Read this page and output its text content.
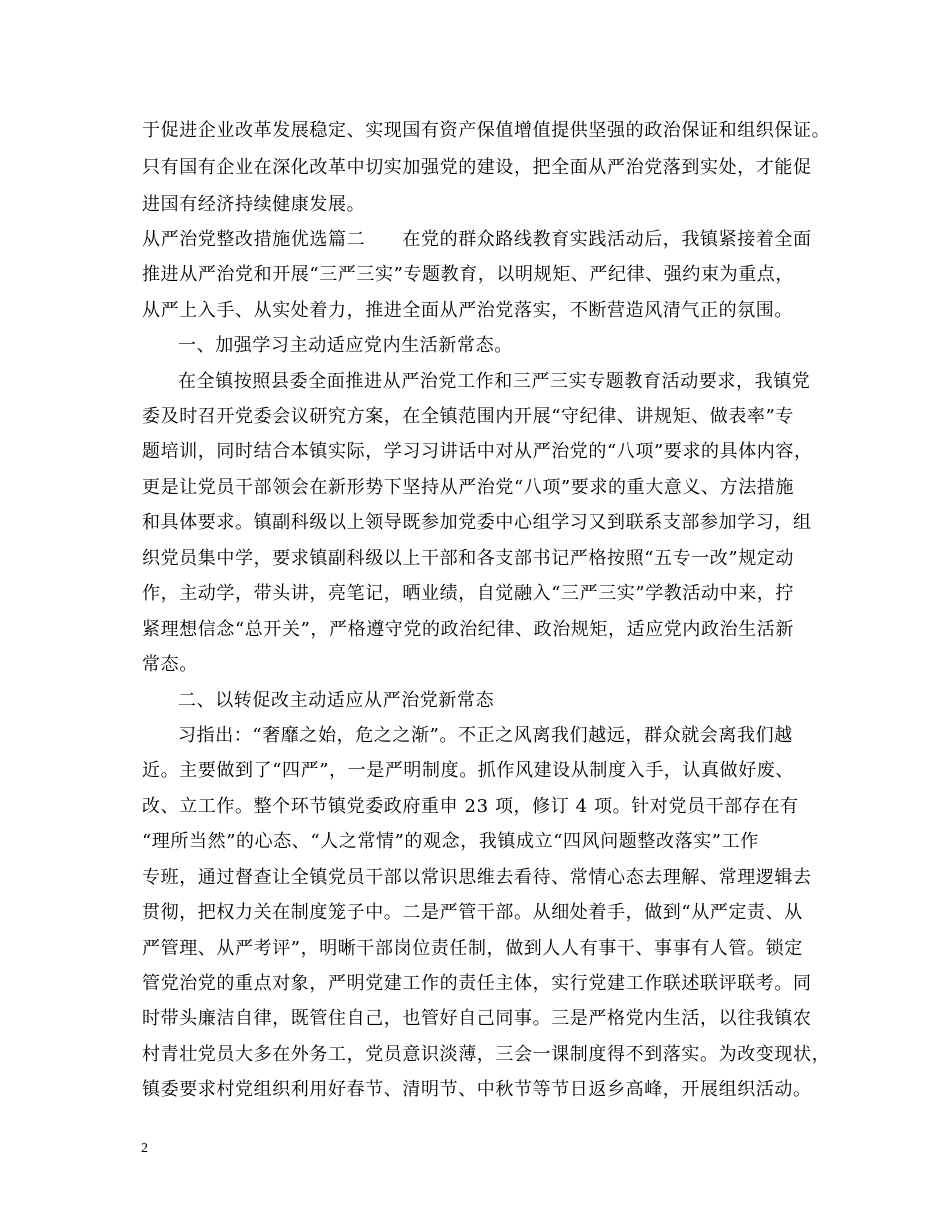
于促进企业改革发展稳定、实现国有资产保值增值提供坚强的政治保证和组织保证。
只有国有企业在深化改革中切实加强党的建设，把全面从严治党落到实处，才能促
进国有经济持续健康发展。
从严治党整改措施优选篇二　　在党的群众路线教育实践活动后，我镇紧接着全面
推进从严治党和开展“三严三实”专题教育，以明规矩、严纪律、强约束为重点，
从严上入手、从实处着力，推进全面从严治党落实，不断营造风清气正的氛围。
一、加强学习主动适应党内生活新常态。
在全镇按照县委全面推进从严治党工作和三严三实专题教育活动要求，我镇党
委及时召开党委会议研究方案，在全镇范围内开展“守纪律、讲规矩、做表率”专
题培训，同时结合本镇实际，学习习讲话中对从严治党的“八项”要求的具体内容，
更是让党员干部领会在新形势下坚持从严治党“八项”要求的重大意义、方法措施
和具体要求。镇副科级以上领导既参加党委中心组学习又到联系支部参加学习，组
织党员集中学，要求镇副科级以上干部和各支部书记严格按照“五专一改”规定动
作，主动学，带头讲，亮笔记，晒业绩，自觉融入“三严三实”学教活动中来，拧
紧理想信念“总开关”，严格遵守党的政治纪律、政治规矩，适应党内政治生活新
常态。
二、以转促改主动适应从严治党新常态
习指出：“奢靡之始，危之之渐”。不正之风离我们越远，群众就会离我们越
近。主要做到了“四严”，一是严明制度。抓作风建设从制度入手，认真做好废、
改、立工作。整个环节镇党委政府重申 23 项，修订 4 项。针对党员干部存在有
“理所当然”的心态、“人之常情”的观念，我镇成立“四风问题整改落实”工作
专班，通过督查让全镇党员干部以常识思维去看待、常情心态去理解、常理逻辑去
贯彻，把权力关在制度笼子中。二是严管干部。从细处着手，做到“从严定责、从
严管理、从严考评”，明晰干部岗位责任制，做到人人有事干、事事有人管。锁定
管党治党的重点对象，严明党建工作的责任主体，实行党建工作联述联评联考。同
时带头廉洁自律，既管住自己，也管好自己同事。三是严格党内生活，以往我镇农
村青壮党员大多在外务工，党员意识淡薄，三会一课制度得不到落实。为改变现状，
镇委要求村党组织利用好春节、清明节、中秋节等节日返乡高峰，开展组织活动。
2
